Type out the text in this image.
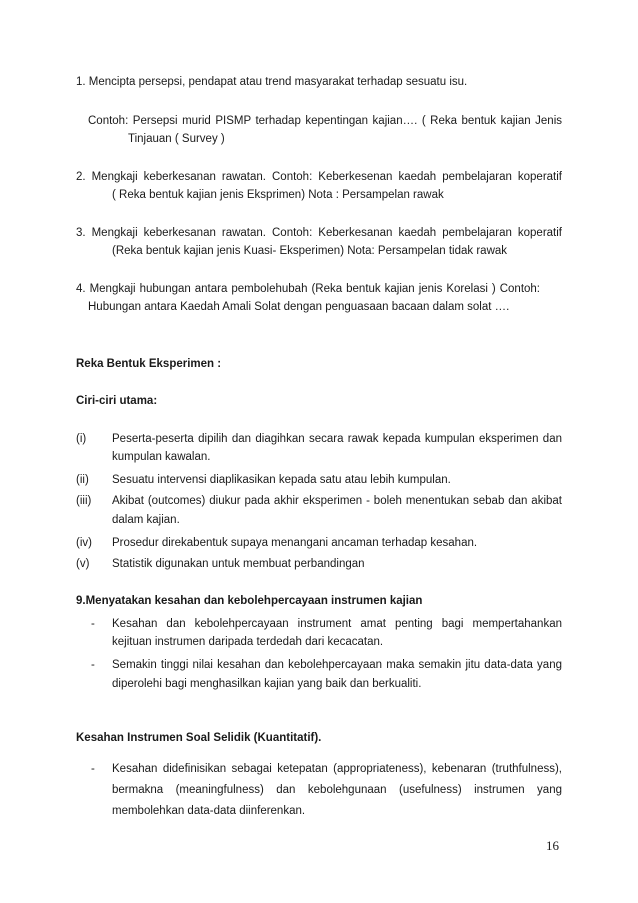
1. Mencipta persepsi, pendapat atau trend masyarakat terhadap sesuatu isu.
Contoh: Persepsi murid PISMP terhadap kepentingan kajian…. ( Reka bentuk kajian Jenis
Tinjauan ( Survey )
2. Mengkaji keberkesanan rawatan. Contoh: Keberkesenan kaedah pembelajaran koperatif
( Reka bentuk kajian jenis Eksprimen) Nota : Persampelan rawak
3. Mengkaji keberkesanan rawatan. Contoh: Keberkesanan kaedah pembelajaran koperatif
(Reka bentuk kajian jenis Kuasi- Eksperimen) Nota: Persampelan tidak rawak
4. Mengkaji hubungan antara pembolehubah (Reka bentuk kajian jenis Korelasi ) Contoh:
Hubungan antara Kaedah Amali Solat dengan penguasaan bacaan dalam solat ….
Reka Bentuk Eksperimen :
Ciri-ciri utama:
(i) Peserta-peserta dipilih dan diagihkan secara rawak kepada kumpulan eksperimen dan
kumpulan kawalan.
(ii) Sesuatu intervensi diaplikasikan kepada satu atau lebih kumpulan.
(iii) Akibat (outcomes) diukur pada akhir eksperimen - boleh menentukan sebab dan akibat
dalam kajian.
(iv) Prosedur direkabentuk supaya menangani ancaman terhadap kesahan.
(v) Statistik digunakan untuk membuat perbandingan
9.Menyatakan kesahan dan kebolehpercayaan instrumen kajian
- Kesahan dan kebolehpercayaan instrument amat penting bagi mempertahankan
kejituan instrumen daripada terdedah dari kecacatan.
- Semakin tinggi nilai kesahan dan kebolehpercayaan maka semakin jitu data-data yang
diperolehi bagi menghasilkan kajian yang baik dan berkualiti.
Kesahan Instrumen Soal Selidik (Kuantitatif).
- Kesahan didefinisikan sebagai ketepatan (appropriateness), kebenaran (truthfulness),
bermakna (meaningfulness) dan kebolehgunaan (usefulness) instrumen yang
membolehkan data-data diinferenkan.
16
